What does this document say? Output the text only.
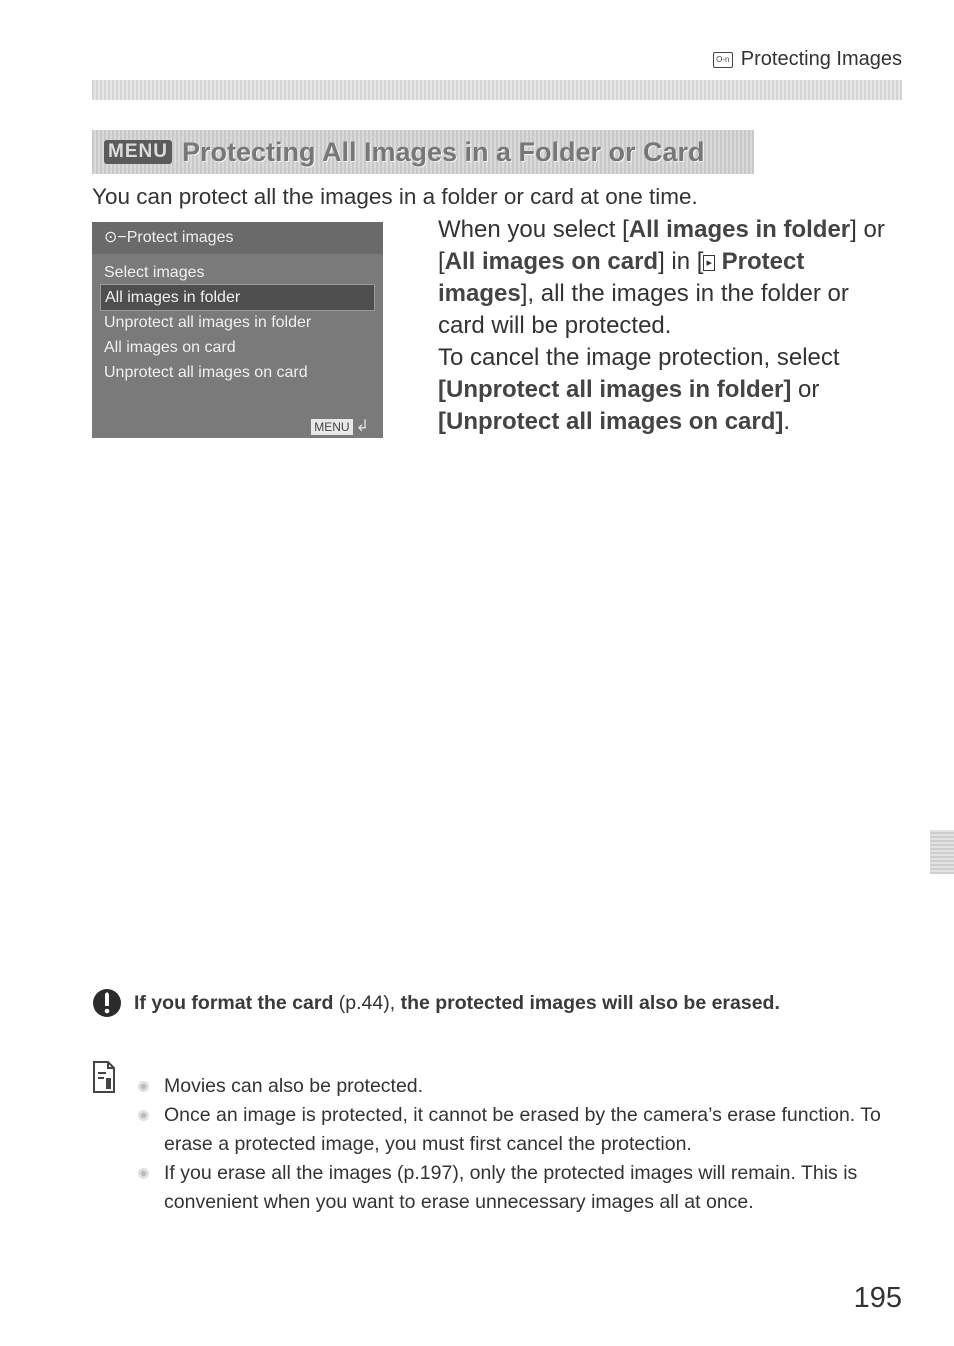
O-n Protecting Images
MENU Protecting All Images in a Folder or Card
You can protect all the images in a folder or card at one time.
⊙−Protect images
Select images
All images in folder
Unprotect all images in folder
All images on card
Unprotect all images on card
MENU ↲
When you select [All images in folder] or [All images on card] in [ ▸ Protect images], all the images in the folder or card will be protected.
To cancel the image protection, select [Unprotect all images in folder] or [Unprotect all images on card].
If you format the card (p.44), the protected images will also be erased.
Movies can also be protected.
Once an image is protected, it cannot be erased by the camera’s erase function. To erase a protected image, you must first cancel the protection.
If you erase all the images (p.197), only the protected images will remain. This is convenient when you want to erase unnecessary images all at once.
195
